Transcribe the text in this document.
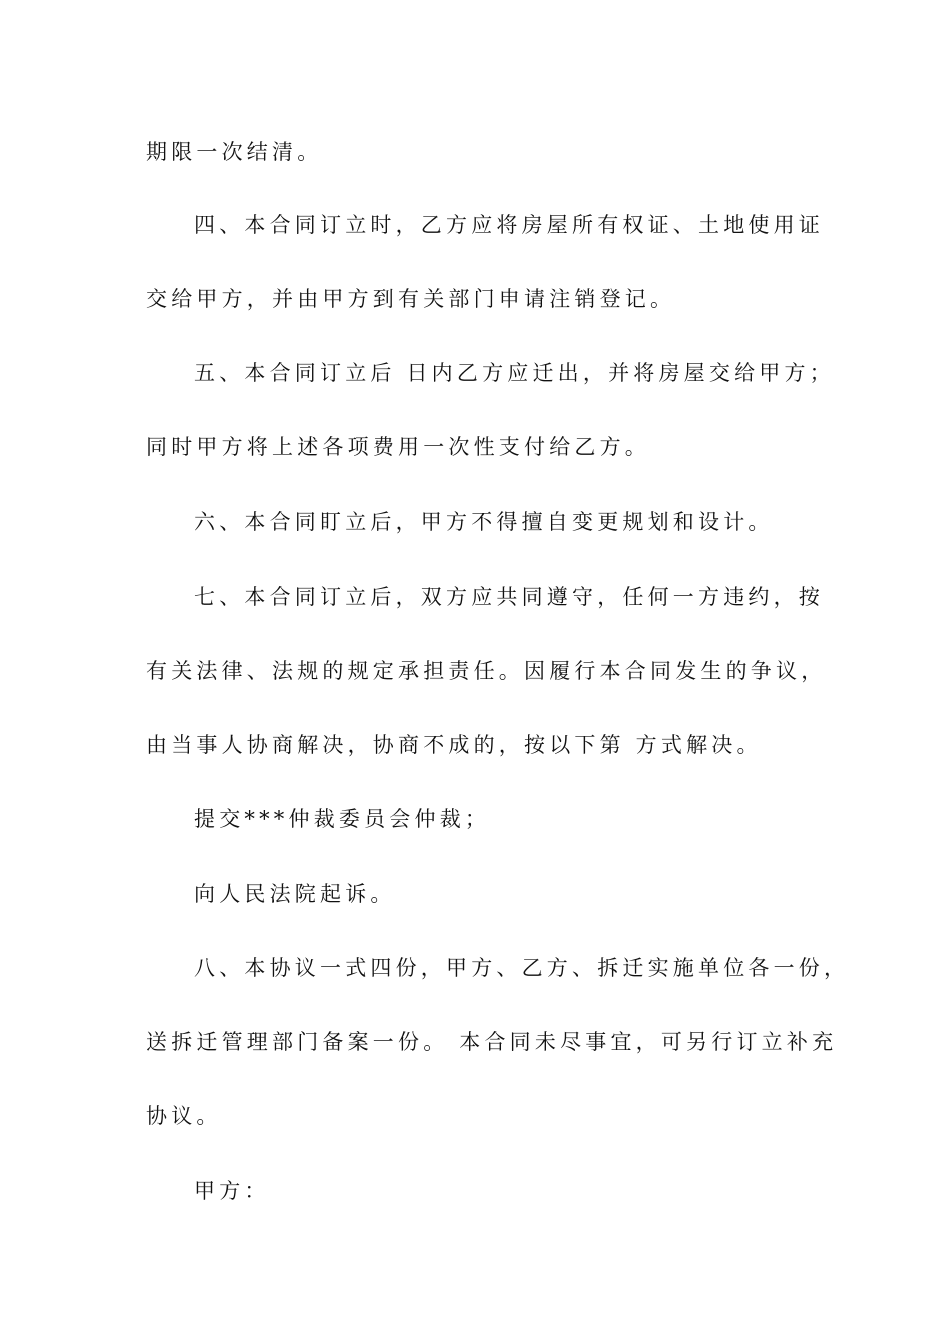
期限一次结清。
四、本合同订立时，乙方应将房屋所有权证、土地使用证
交给甲方，并由甲方到有关部门申请注销登记。
五、本合同订立后 日内乙方应迁出，并将房屋交给甲方；
同时甲方将上述各项费用一次性支付给乙方。
六、本合同盯立后，甲方不得擅自变更规划和设计。
七、本合同订立后，双方应共同遵守，任何一方违约，按
有关法律、法规的规定承担责任。因履行本合同发生的争议，
由当事人协商解决，协商不成的，按以下第 方式解决。
提交***仲裁委员会仲裁；
向人民法院起诉。
八、本协议一式四份，甲方、乙方、拆迁实施单位各一份，
送拆迁管理部门备案一份。 本合同未尽事宜，可另行订立补充
协议。
甲方：
